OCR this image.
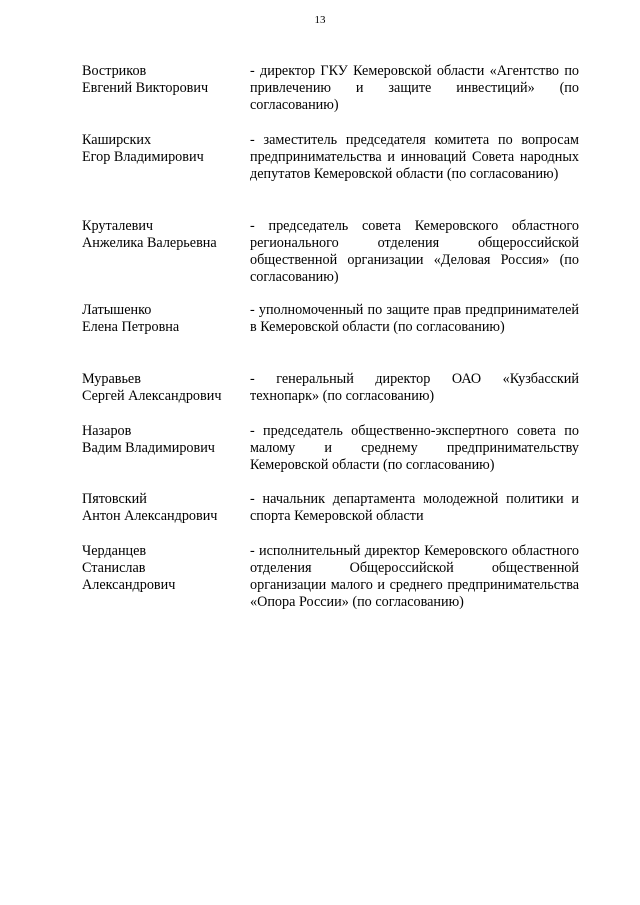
13
Востриков
Евгений Викторович
- директор ГКУ Кемеровской области «Агентство по привлечению и защите инвестиций» (по согласованию)
Каширских
Егор Владимирович
- заместитель председателя комитета по вопросам предпринимательства и инноваций Совета народных депутатов Кемеровской области (по согласованию)
Круталевич
Анжелика Валерьевна
- председатель совета Кемеровского областного регионального отделения общероссийской общественной организации «Деловая Россия» (по согласованию)
Латышенко
Елена Петровна
- уполномоченный по защите прав предпринимателей в Кемеровской области (по согласованию)
Муравьев
Сергей Александрович
- генеральный директор ОАО «Кузбасский технопарк» (по согласованию)
Назаров
Вадим Владимирович
- председатель общественно-экспертного совета по малому и среднему предпринимательству Кемеровской области (по согласованию)
Пятовский
Антон Александрович
- начальник департамента молодежной политики и спорта Кемеровской области
Черданцев
Станислав
Александрович
- исполнительный директор Кемеровского областного отделения Общероссийской общественной организации малого и среднего предпринимательства «Опора России» (по согласованию)
